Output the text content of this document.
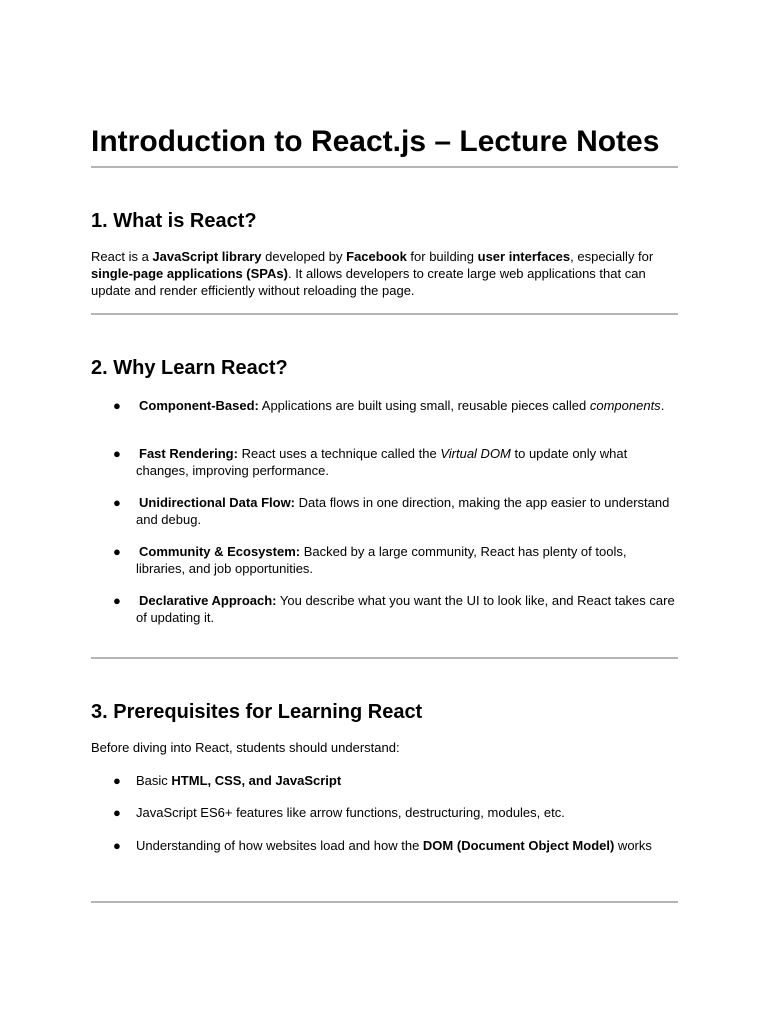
Introduction to React.js – Lecture Notes
1. What is React?

React is a JavaScript library developed by Facebook for building user interfaces, especially for single-page applications (SPAs). It allows developers to create large web applications that can update and render efficiently without reloading the page.

2. Why Learn React?
● Component-Based: Applications are built using small, reusable pieces called components.
● Fast Rendering: React uses a technique called the Virtual DOM to update only what changes, improving performance.
● Unidirectional Data Flow: Data flows in one direction, making the app easier to understand and debug.
● Community & Ecosystem: Backed by a large community, React has plenty of tools, libraries, and job opportunities.
● Declarative Approach: You describe what you want the UI to look like, and React takes care of updating it.
3. Prerequisites for Learning React

Before diving into React, students should understand:

● Basic HTML, CSS, and JavaScript
● JavaScript ES6+ features like arrow functions, destructuring, modules, etc.
● Understanding of how websites load and how the DOM (Document Object Model) works
